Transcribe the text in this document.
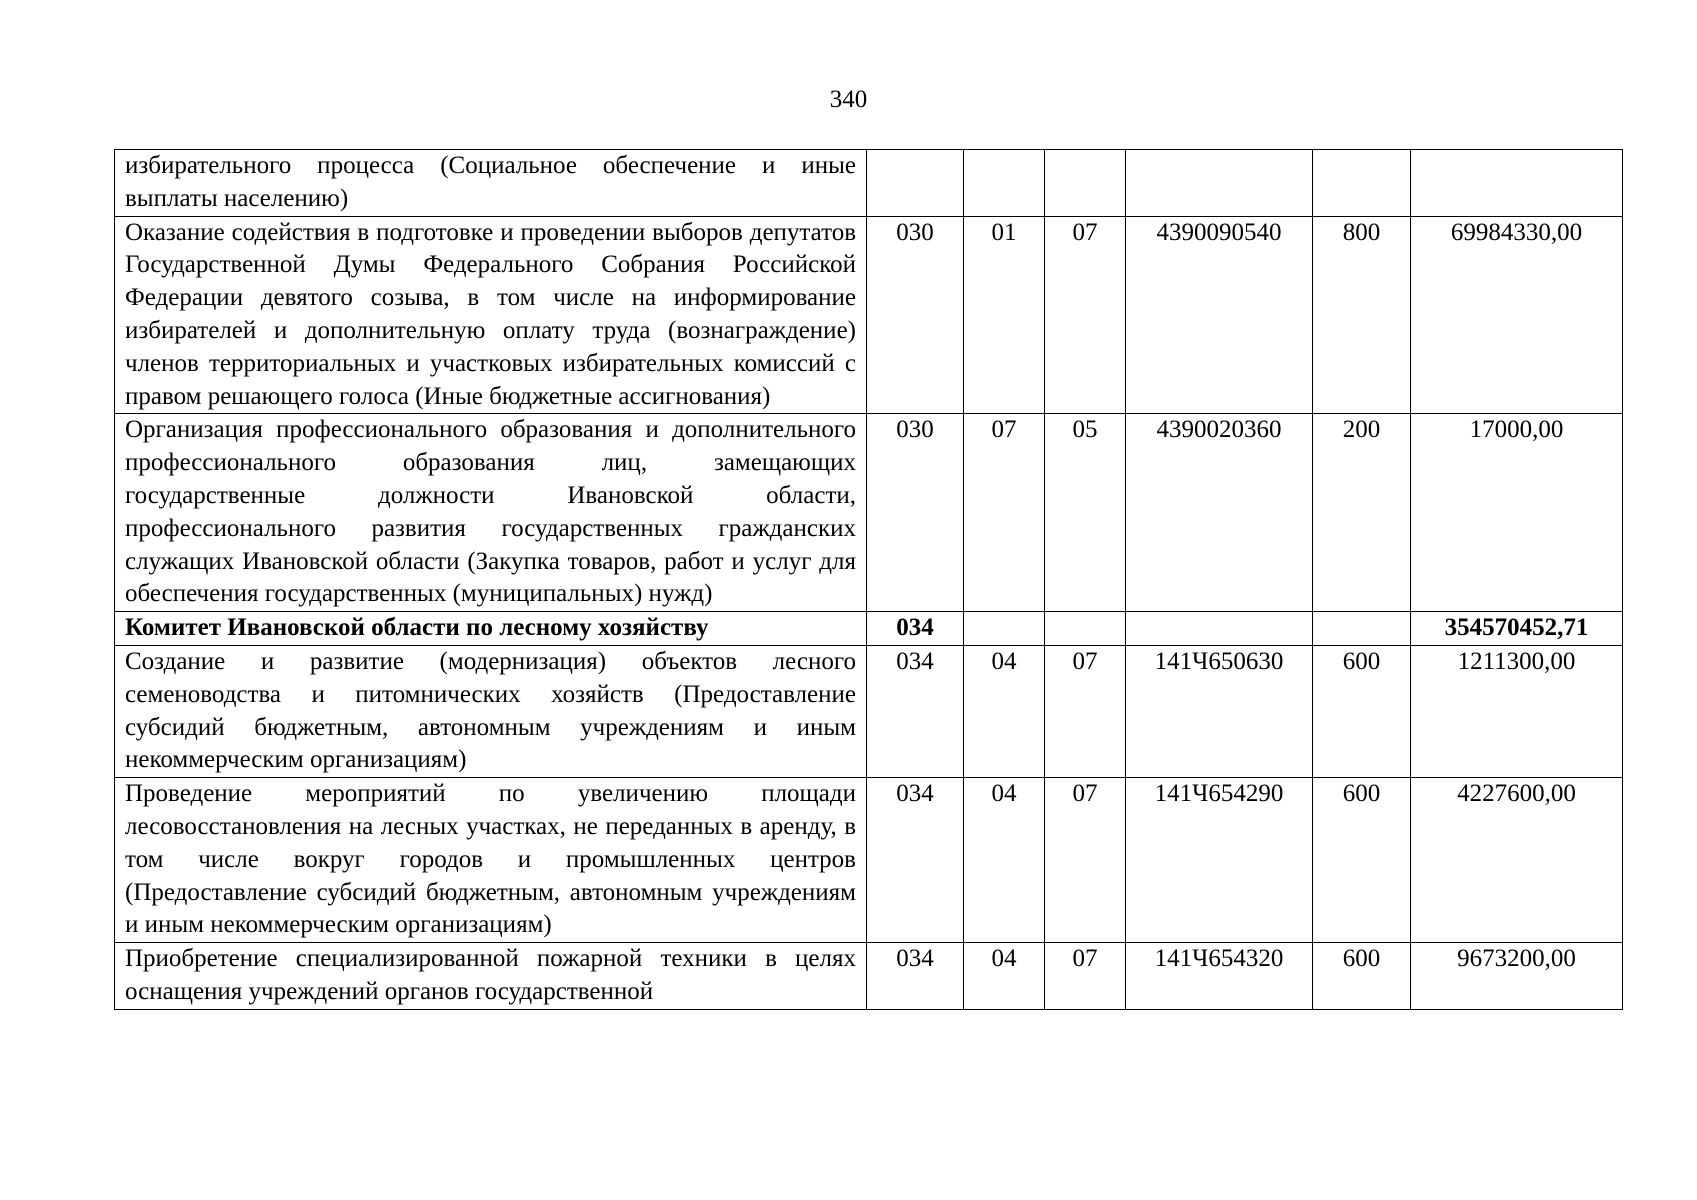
340
избирательного процесса (Социальное обеспечение и иные выплаты населению)						
Оказание содействия в подготовке и проведении выборов депутатов Государственной Думы Федерального Собрания Российской Федерации девятого созыва, в том числе на информирование избирателей и дополнительную оплату труда (вознаграждение) членов территориальных и участковых избирательных комиссий с правом решающего голоса (Иные бюджетные ассигнования)	030	01	07	4390090540	800	69984330,00
Организация профессионального образования и дополнительного профессионального образования лиц, замещающих государственные должности Ивановской области, профессионального развития государственных гражданских служащих Ивановской области (Закупка товаров, работ и услуг для обеспечения государственных (муниципальных) нужд)	030	07	05	4390020360	200	17000,00
Комитет Ивановской области по лесному хозяйству	034					354570452,71
Создание и развитие (модернизация) объектов лесного семеноводства и питомнических хозяйств (Предоставление субсидий бюджетным, автономным учреждениям и иным некоммерческим организациям)	034	04	07	141Ч650630	600	1211300,00
Проведение мероприятий по увеличению площади лесовосстановления на лесных участках, не переданных в аренду, в том числе вокруг городов и промышленных центров (Предоставление субсидий бюджетным, автономным учреждениям и иным некоммерческим организациям)	034	04	07	141Ч654290	600	4227600,00
Приобретение специализированной пожарной техники в целях оснащения учреждений органов государственной	034	04	07	141Ч654320	600	9673200,00
